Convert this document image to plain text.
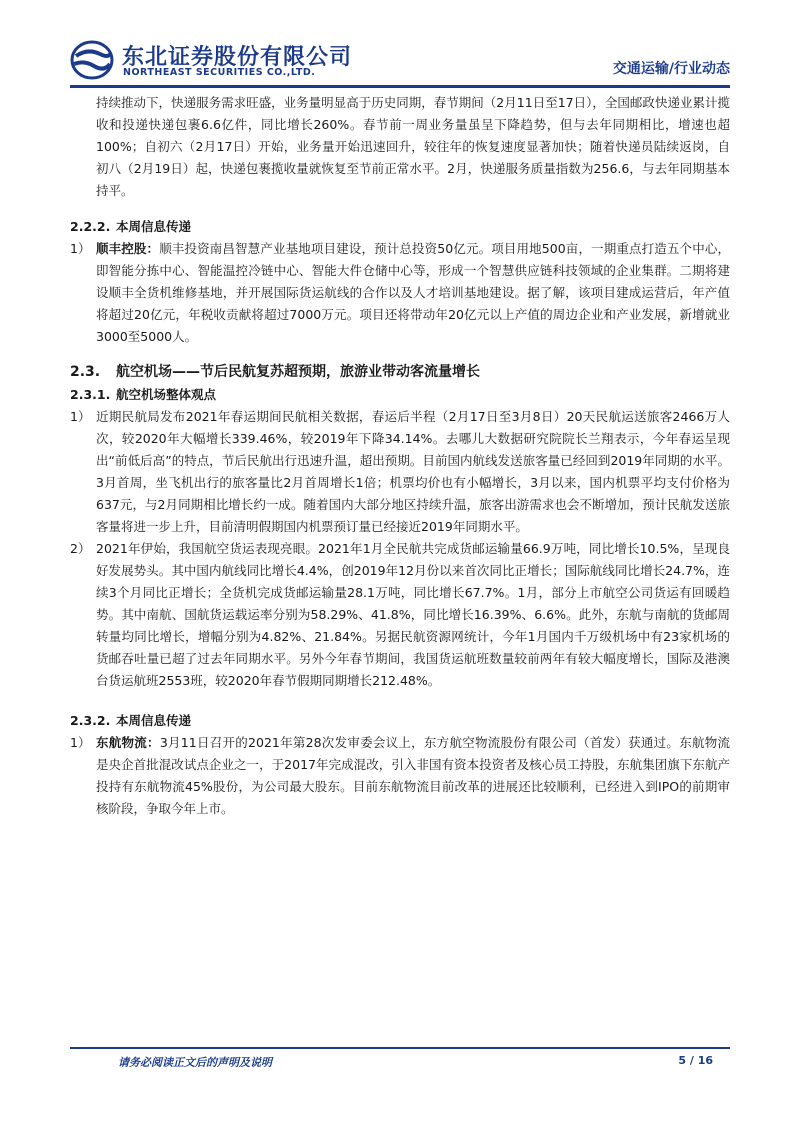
东北证券股份有限公司
NORTHEAST SECURITIES CO.,LTD.	交通运输/行业动态

持续推动下，快递服务需求旺盛，业务量明显高于历史同期，春节期间（2月11日至17日），全国邮政快递业累计揽收和投递快递包裹6.6亿件，同比增长260%。春节前一周业务量虽呈下降趋势，但与去年同期相比，增速也超100%；自初六（2月17日）开始，业务量开始迅速回升，较往年的恢复速度显著加快；随着快递员陆续返岗，自初八（2月19日）起，快递包裹揽收量就恢复至节前正常水平。2月，快递服务质量指数为256.6，与去年同期基本持平。

2.2.2. 本周信息传递
1） 顺丰控股：顺丰投资南昌智慧产业基地项目建设，预计总投资50亿元。项目用地500亩，一期重点打造五个中心，即智能分拣中心、智能温控冷链中心、智能大件仓储中心等，形成一个智慧供应链科技领域的企业集群。二期将建设顺丰全货机维修基地，并开展国际货运航线的合作以及人才培训基地建设。据了解，该项目建成运营后，年产值将超过20亿元，年税收贡献将超过7000万元。项目还将带动年20亿元以上产值的周边企业和产业发展，新增就业3000至5000人。
2.3. 航空机场——节后民航复苏超预期，旅游业带动客流量增长
2.3.1. 航空机场整体观点
1） 近期民航局发布2021年春运期间民航相关数据，春运后半程（2月17日至3月8日）20天民航运送旅客2466万人次，较2020年大幅增长339.46%，较2019年下降34.14%。去哪儿大数据研究院院长兰翔表示，今年春运呈现出“前低后高”的特点，节后民航出行迅速升温，超出预期。目前国内航线发送旅客量已经回到2019年同期的水平。3月首周，坐飞机出行的旅客量比2月首周增长1倍；机票均价也有小幅增长，3月以来，国内机票平均支付价格为637元，与2月同期相比增长约一成。随着国内大部分地区持续升温，旅客出游需求也会不断增加，预计民航发送旅客量将进一步上升，目前清明假期国内机票预订量已经接近2019年同期水平。
2） 2021年伊始，我国航空货运表现亮眼。2021年1月全民航共完成货邮运输量66.9万吨，同比增长10.5%，呈现良好发展势头。其中国内航线同比增长4.4%，创2019年12月份以来首次同比正增长；国际航线同比增长24.7%，连续3个月同比正增长；全货机完成货邮运输量28.1万吨，同比增长67.7%。1月，部分上市航空公司货运有回暖趋势。其中南航、国航货运载运率分别为58.29%、41.8%，同比增长16.39%、6.6%。此外，东航与南航的货邮周转量均同比增长，增幅分别为4.82%、21.84%。另据民航资源网统计，今年1月国内千万级机场中有23家机场的货邮吞吐量已超了过去年同期水平。另外今年春节期间，我国货运航班数量较前两年有较大幅度增长，国际及港澳台货运航班2553班，较2020年春节假期同期增长212.48%。
2.3.2. 本周信息传递
1） 东航物流：3月11日召开的2021年第28次发审委会议上，东方航空物流股份有限公司（首发）获通过。东航物流是央企首批混改试点企业之一，于2017年完成混改，引入非国有资本投资者及核心员工持股，东航集团旗下东航产投持有东航物流45%股份，为公司最大股东。目前东航物流目前改革的进展还比较顺利，已经进入到IPO的前期审核阶段，争取今年上市。
请务必阅读正文后的声明及说明	5 / 16
